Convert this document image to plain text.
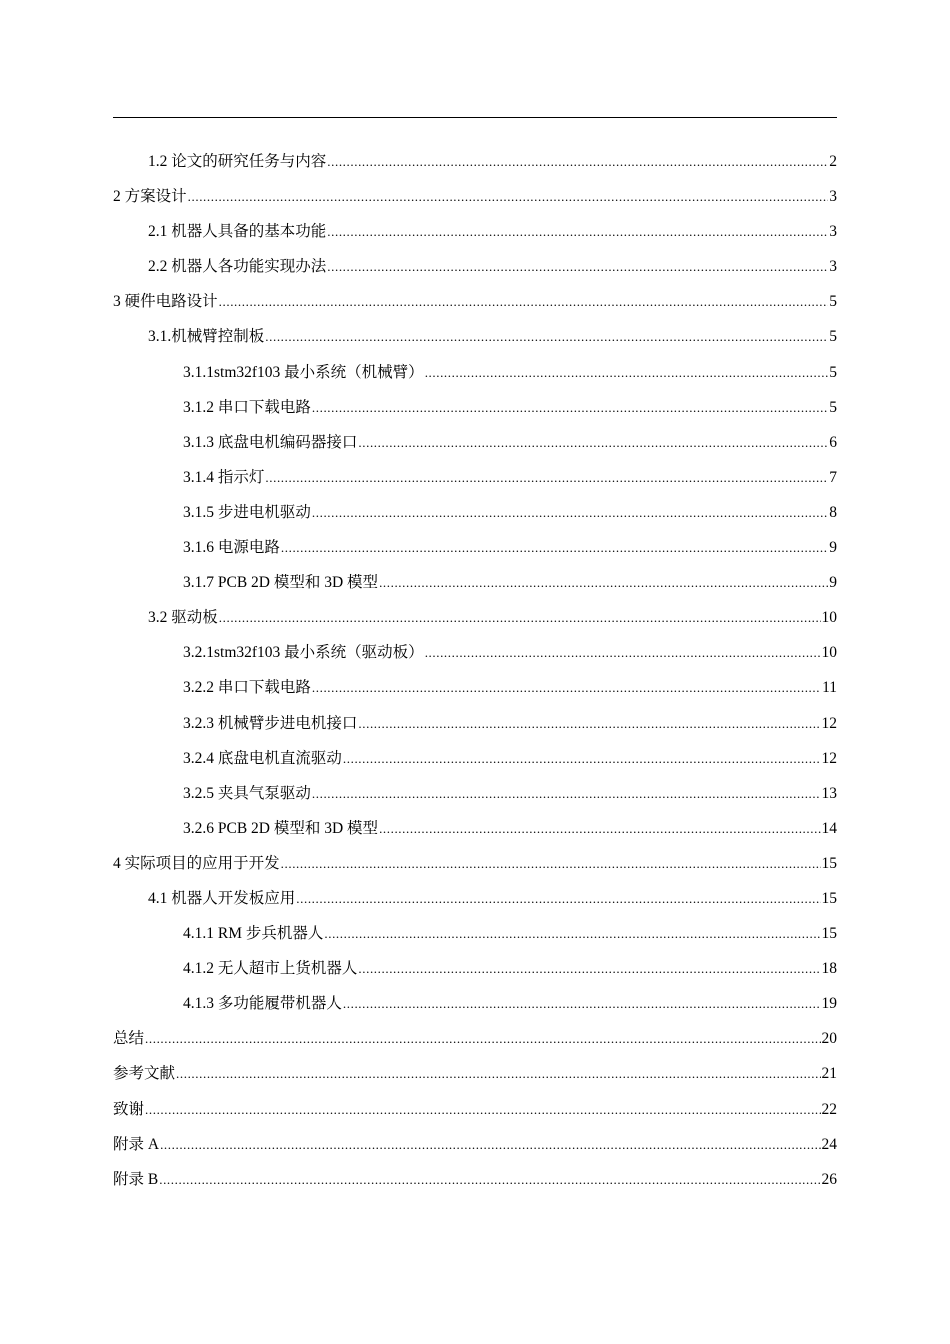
1.2 论文的研究任务与内容 .....	2
2 方案设计 .....	3
2.1 机器人具备的基本功能 .....	3
2.2 机器人各功能实现办法 .....	3
3 硬件电路设计 .....	5
3.1.机械臂控制板 .....	5
3.1.1stm32f103 最小系统（机械臂） .....	5
3.1.2 串口下载电路 .....	5
3.1.3 底盘电机编码器接口 .....	6
3.1.4 指示灯 .....	7
3.1.5 步进电机驱动 .....	8
3.1.6 电源电路 .....	9
3.1.7 PCB 2D 模型和 3D 模型 .....	9
3.2 驱动板 .....	10
3.2.1stm32f103 最小系统（驱动板） .....	10
3.2.2 串口下载电路 .....	11
3.2.3 机械臂步进电机接口 .....	12
3.2.4 底盘电机直流驱动 .....	12
3.2.5 夹具气泵驱动 .....	13
3.2.6 PCB 2D 模型和 3D 模型 .....	14
4 实际项目的应用于开发 .....	15
4.1 机器人开发板应用 .....	15
4.1.1 RM 步兵机器人 .....	15
4.1.2 无人超市上货机器人 .....	18
4.1.3 多功能履带机器人 .....	19
总结 .....	20
参考文献 .....	21
致谢 .....	22
附录 A .....	24
附录 B .....	26
